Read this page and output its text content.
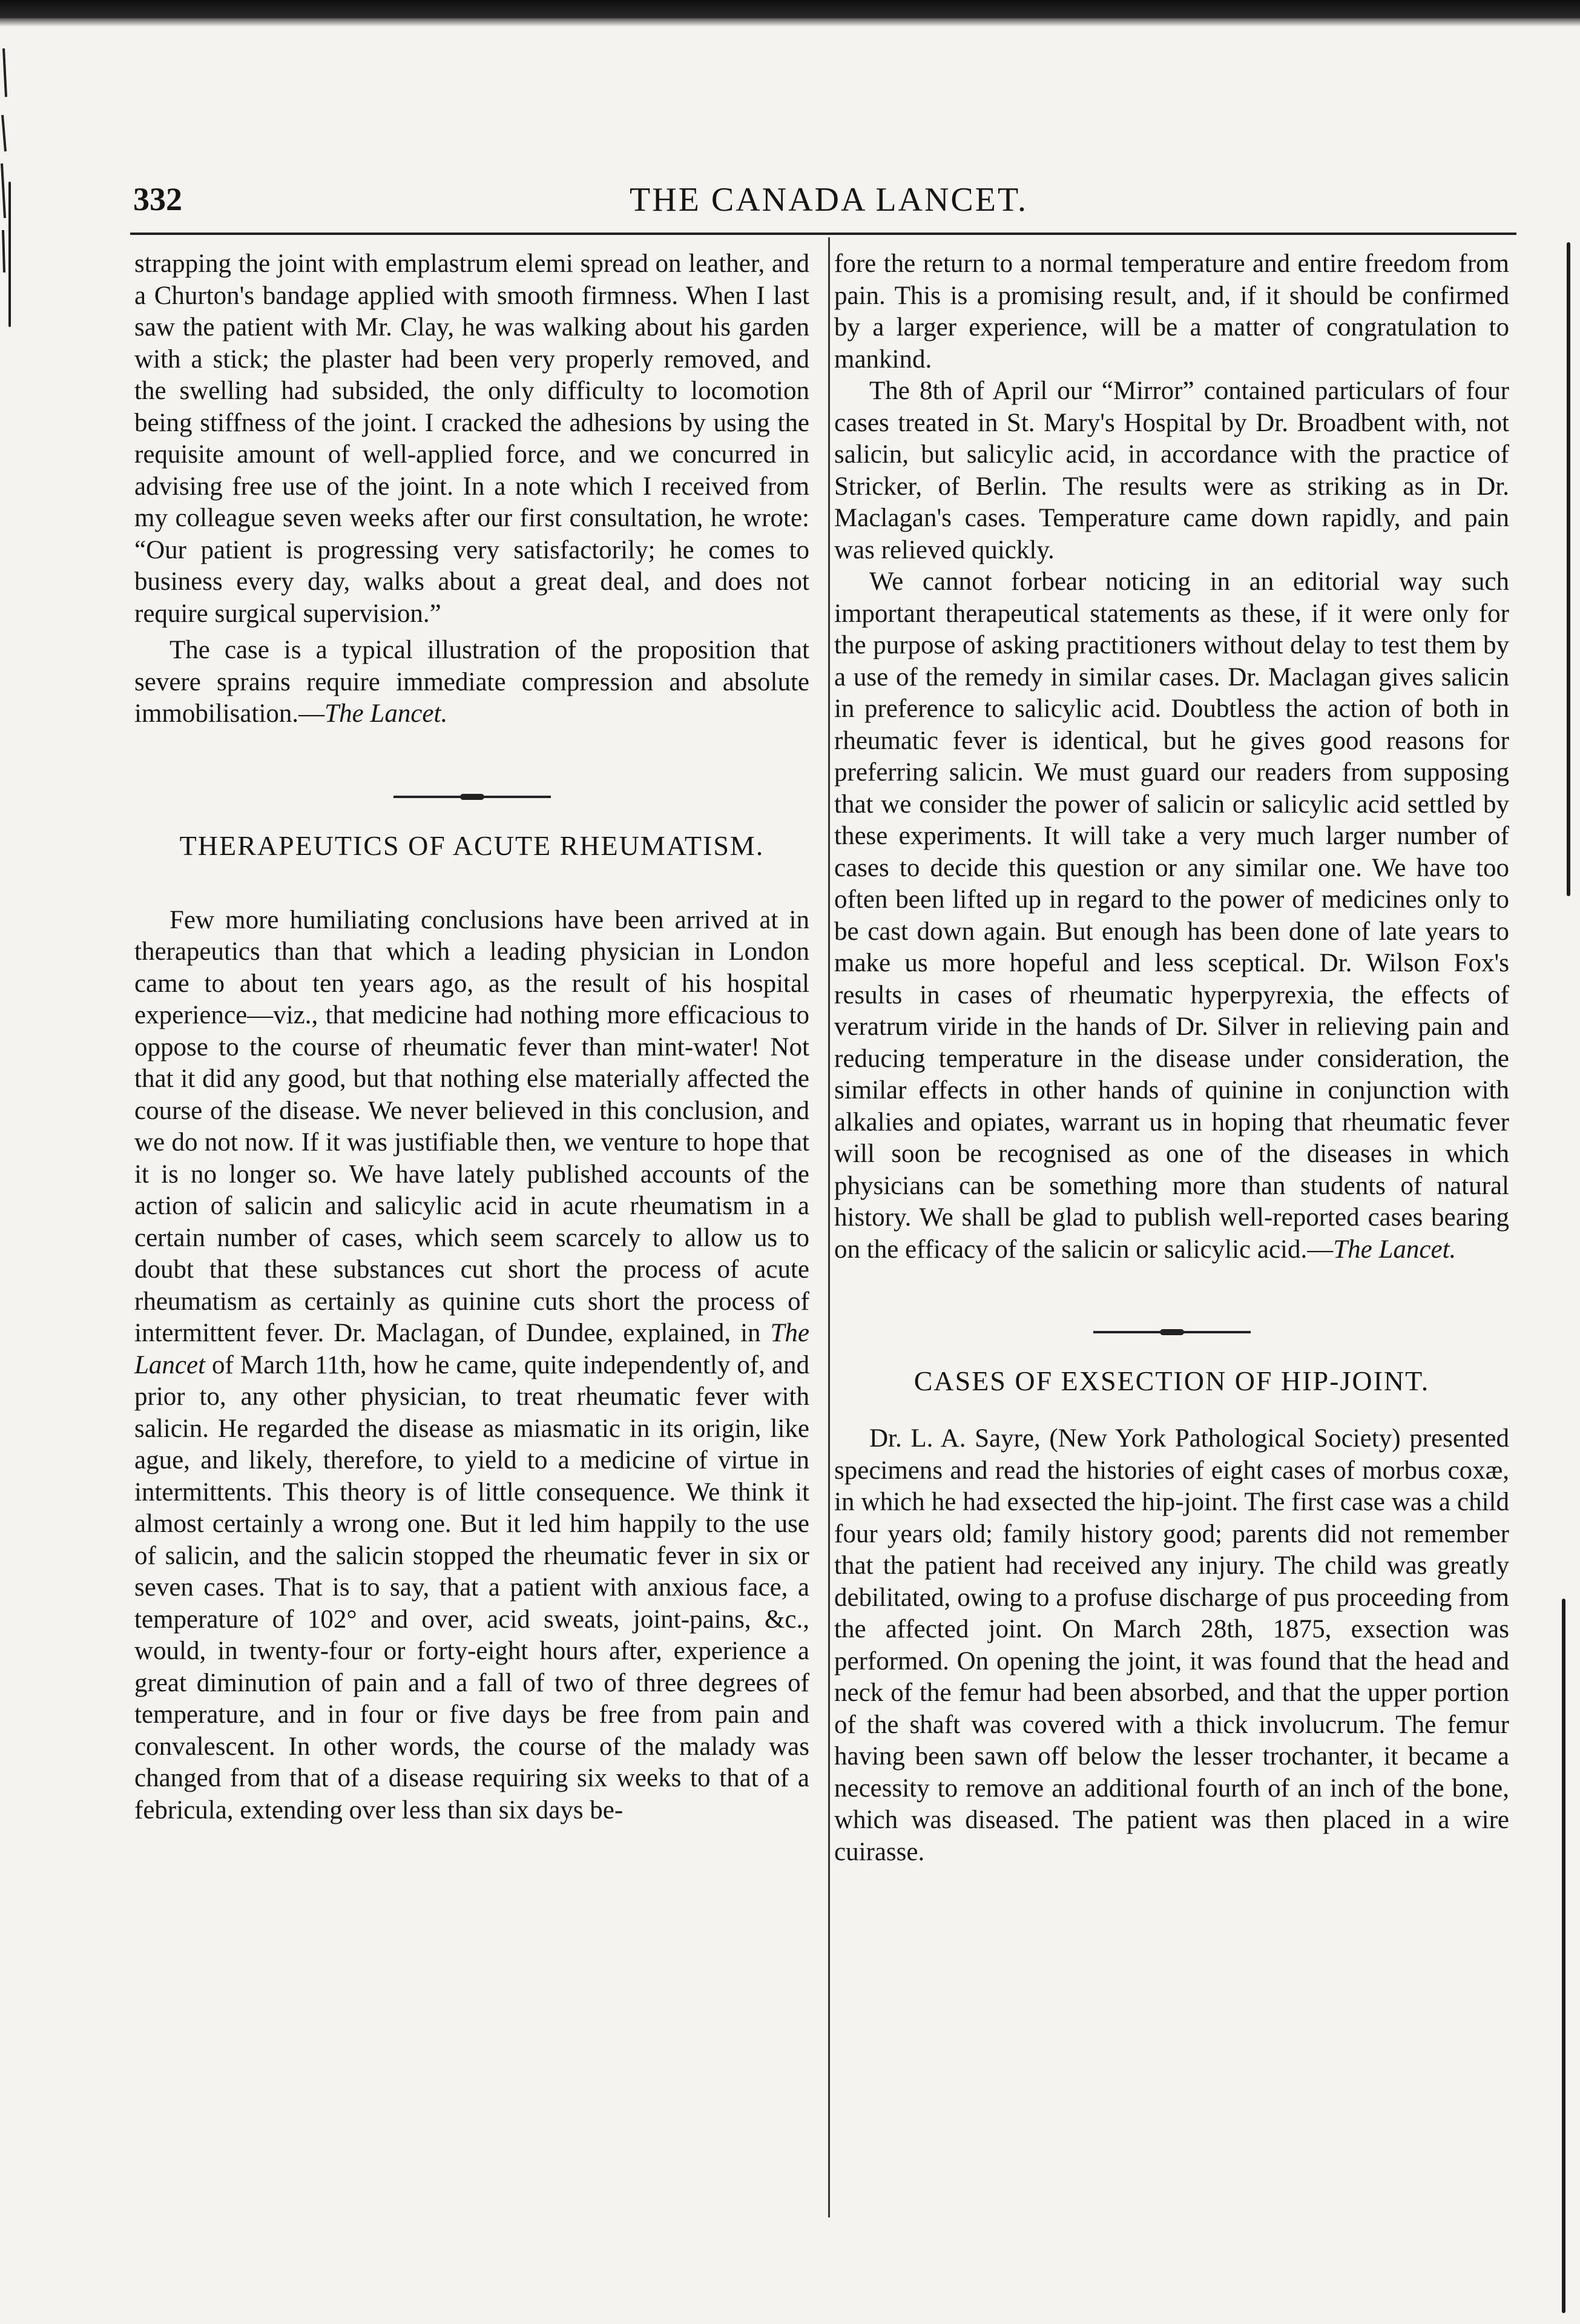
332	THE CANADA LANCET.

strapping the joint with emplastrum elemi spread on leather, and a Churton's bandage applied with smooth firmness. When I last saw the patient with Mr. Clay, he was walking about his garden with a stick; the plaster had been very properly removed, and the swelling had subsided, the only difficulty to locomotion being stiffness of the joint. I cracked the adhesions by using the requisite amount of well-applied force, and we concurred in advising free use of the joint. In a note which I received from my colleague seven weeks after our first consultation, he wrote: “Our patient is progressing very satisfactorily; he comes to business every day, walks about a great deal, and does not require surgical supervision.”

The case is a typical illustration of the proposition that severe sprains require immediate compression and absolute immobilisation.—The Lancet.

THERAPEUTICS OF ACUTE RHEUMATISM.

Few more humiliating conclusions have been arrived at in therapeutics than that which a leading physician in London came to about ten years ago, as the result of his hospital experience—viz., that medicine had nothing more efficacious to oppose to the course of rheumatic fever than mint-water! Not that it did any good, but that nothing else materially affected the course of the disease. We never believed in this conclusion, and we do not now. If it was justifiable then, we venture to hope that it is no longer so. We have lately published accounts of the action of salicin and salicylic acid in acute rheumatism in a certain number of cases, which seem scarcely to allow us to doubt that these substances cut short the process of acute rheumatism as certainly as quinine cuts short the process of intermittent fever. Dr. Maclagan, of Dundee, explained, in The Lancet of March 11th, how he came, quite independently of, and prior to, any other physician, to treat rheumatic fever with salicin. He regarded the disease as miasmatic in its origin, like ague, and likely, therefore, to yield to a medicine of virtue in intermittents. This theory is of little consequence. We think it almost certainly a wrong one. But it led him happily to the use of salicin, and the salicin stopped the rheumatic fever in six or seven cases. That is to say, that a patient with anxious face, a temperature of 102° and over, acid sweats, joint-pains, &c., would, in twenty-four or forty-eight hours after, experience a great diminution of pain and a fall of two of three degrees of temperature, and in four or five days be free from pain and convalescent. In other words, the course of the malady was changed from that of a disease requiring six weeks to that of a febricula, extending over less than six days be-

fore the return to a normal temperature and entire freedom from pain. This is a promising result, and, if it should be confirmed by a larger experience, will be a matter of congratulation to mankind.

The 8th of April our “Mirror” contained particulars of four cases treated in St. Mary's Hospital by Dr. Broadbent with, not salicin, but salicylic acid, in accordance with the practice of Stricker, of Berlin. The results were as striking as in Dr. Maclagan's cases. Temperature came down rapidly, and pain was relieved quickly.

We cannot forbear noticing in an editorial way such important therapeutical statements as these, if it were only for the purpose of asking practitioners without delay to test them by a use of the remedy in similar cases. Dr. Maclagan gives salicin in preference to salicylic acid. Doubtless the action of both in rheumatic fever is identical, but he gives good reasons for preferring salicin. We must guard our readers from supposing that we consider the power of salicin or salicylic acid settled by these experiments. It will take a very much larger number of cases to decide this question or any similar one. We have too often been lifted up in regard to the power of medicines only to be cast down again. But enough has been done of late years to make us more hopeful and less sceptical. Dr. Wilson Fox's results in cases of rheumatic hyperpyrexia, the effects of veratrum viride in the hands of Dr. Silver in relieving pain and reducing temperature in the disease under consideration, the similar effects in other hands of quinine in conjunction with alkalies and opiates, warrant us in hoping that rheumatic fever will soon be recognised as one of the diseases in which physicians can be something more than students of natural history. We shall be glad to publish well-reported cases bearing on the efficacy of the salicin or salicylic acid.—The Lancet.

CASES OF EXSECTION OF HIP-JOINT.

Dr. L. A. Sayre, (New York Pathological Society) presented specimens and read the histories of eight cases of morbus coxæ, in which he had exsected the hip-joint. The first case was a child four years old; family history good; parents did not remember that the patient had received any injury. The child was greatly debilitated, owing to a profuse discharge of pus proceeding from the affected joint. On March 28th, 1875, exsection was performed. On opening the joint, it was found that the head and neck of the femur had been absorbed, and that the upper portion of the shaft was covered with a thick involucrum. The femur having been sawn off below the lesser trochanter, it became a necessity to remove an additional fourth of an inch of the bone, which was diseased. The patient was then placed in a wire cuirasse.
